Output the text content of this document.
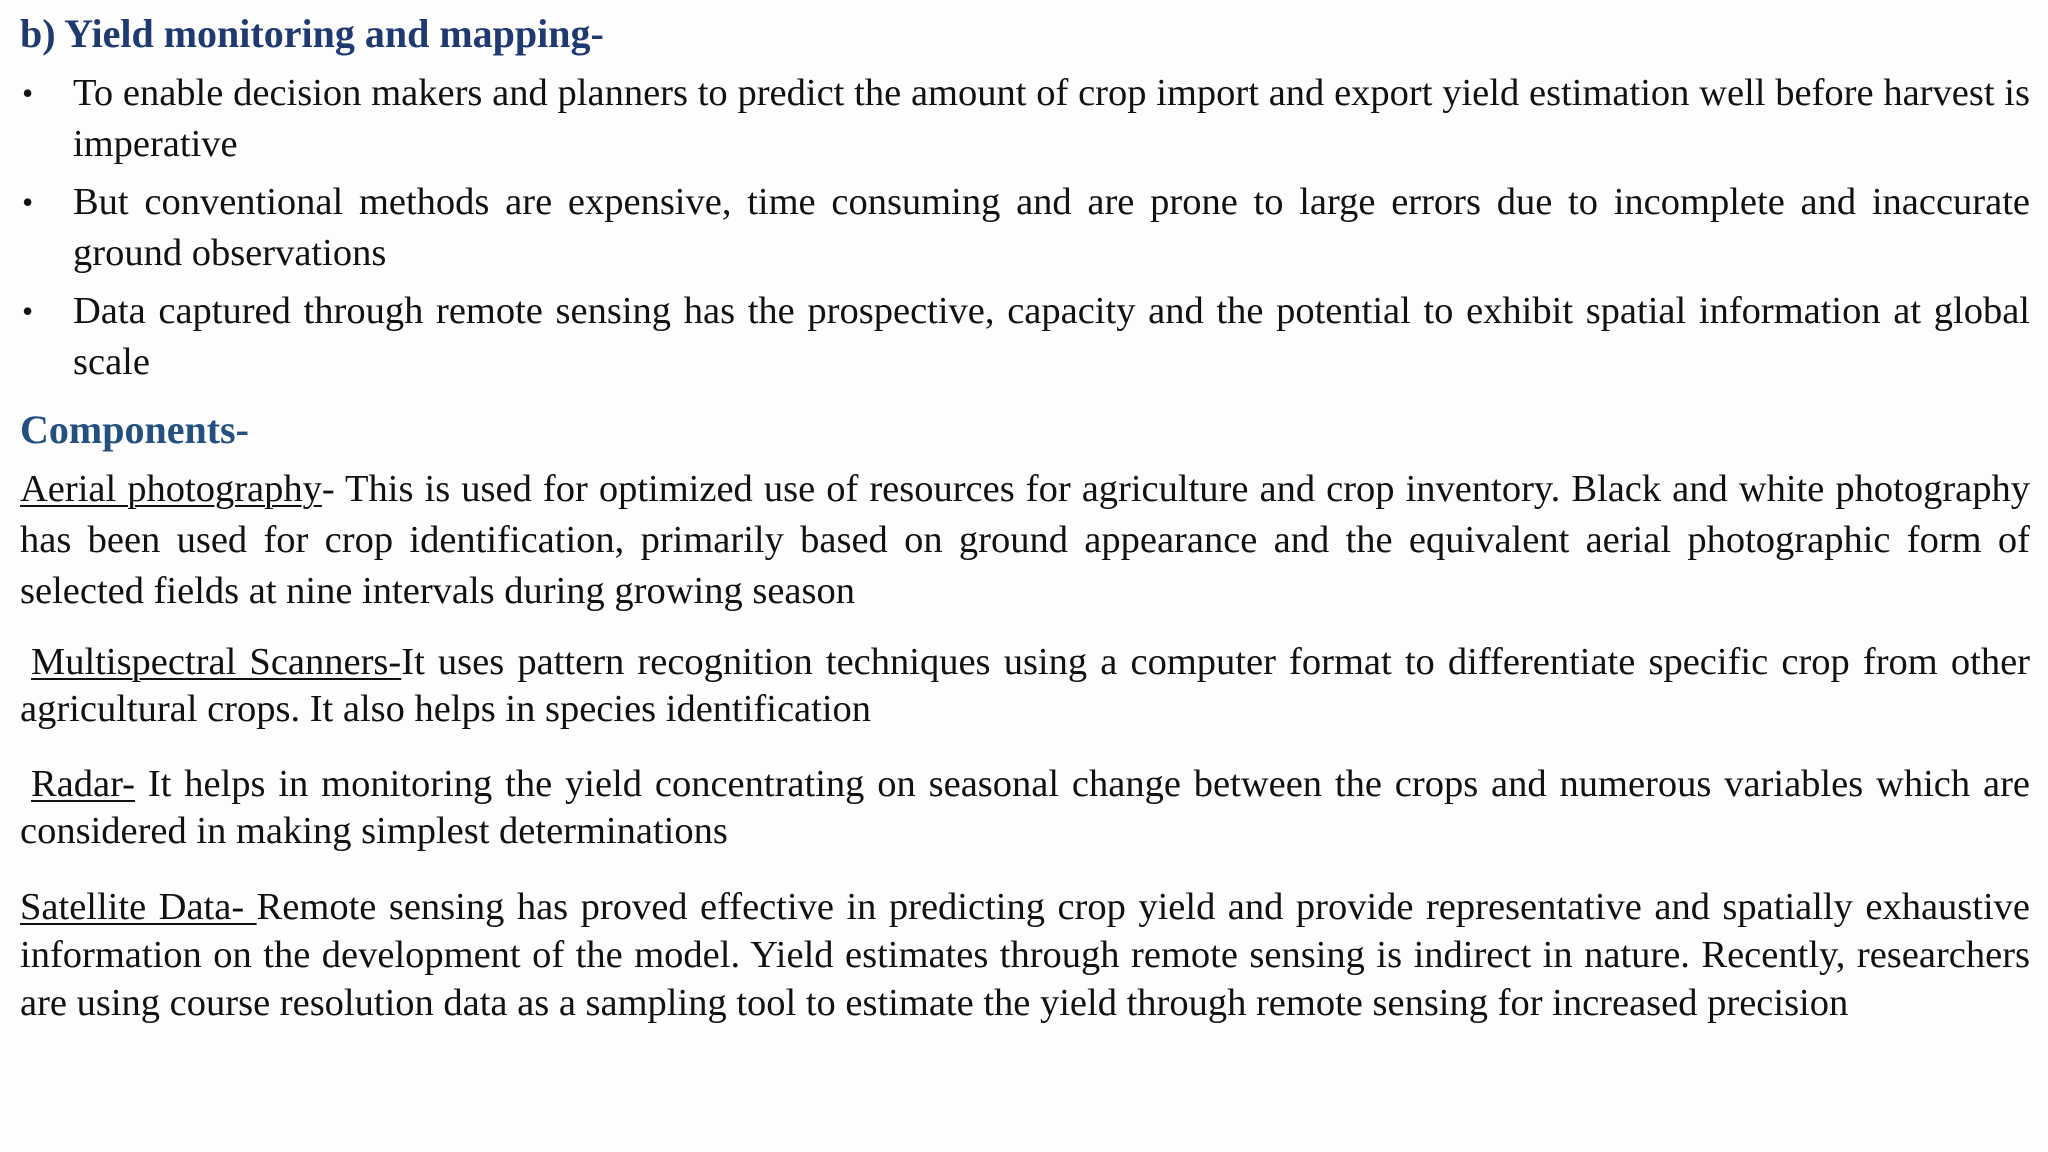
b) Yield monitoring and mapping-
• To enable decision makers and planners to predict the amount of crop import and export yield estimation well before harvest is imperative
• But conventional methods are expensive, time consuming and are prone to large errors due to incomplete and inaccurate ground observations
• Data captured through remote sensing has the prospective, capacity and the potential to exhibit spatial information at global scale
Components-

Aerial photography- This is used for optimized use of resources for agriculture and crop inventory. Black and white photography has been used for crop identification, primarily based on ground appearance and the equivalent aerial photographic form of selected fields at nine intervals during growing season

Multispectral Scanners-It uses pattern recognition techniques using a computer format to differentiate specific crop from other agricultural crops. It also helps in species identification

Radar- It helps in monitoring the yield concentrating on seasonal change between the crops and numerous variables which are considered in making simplest determinations

Satellite Data- Remote sensing has proved effective in predicting crop yield and provide representative and spatially exhaustive information on the development of the model. Yield estimates through remote sensing is indirect in nature. Recently, researchers are using course resolution data as a sampling tool to estimate the yield through remote sensing for increased precision
